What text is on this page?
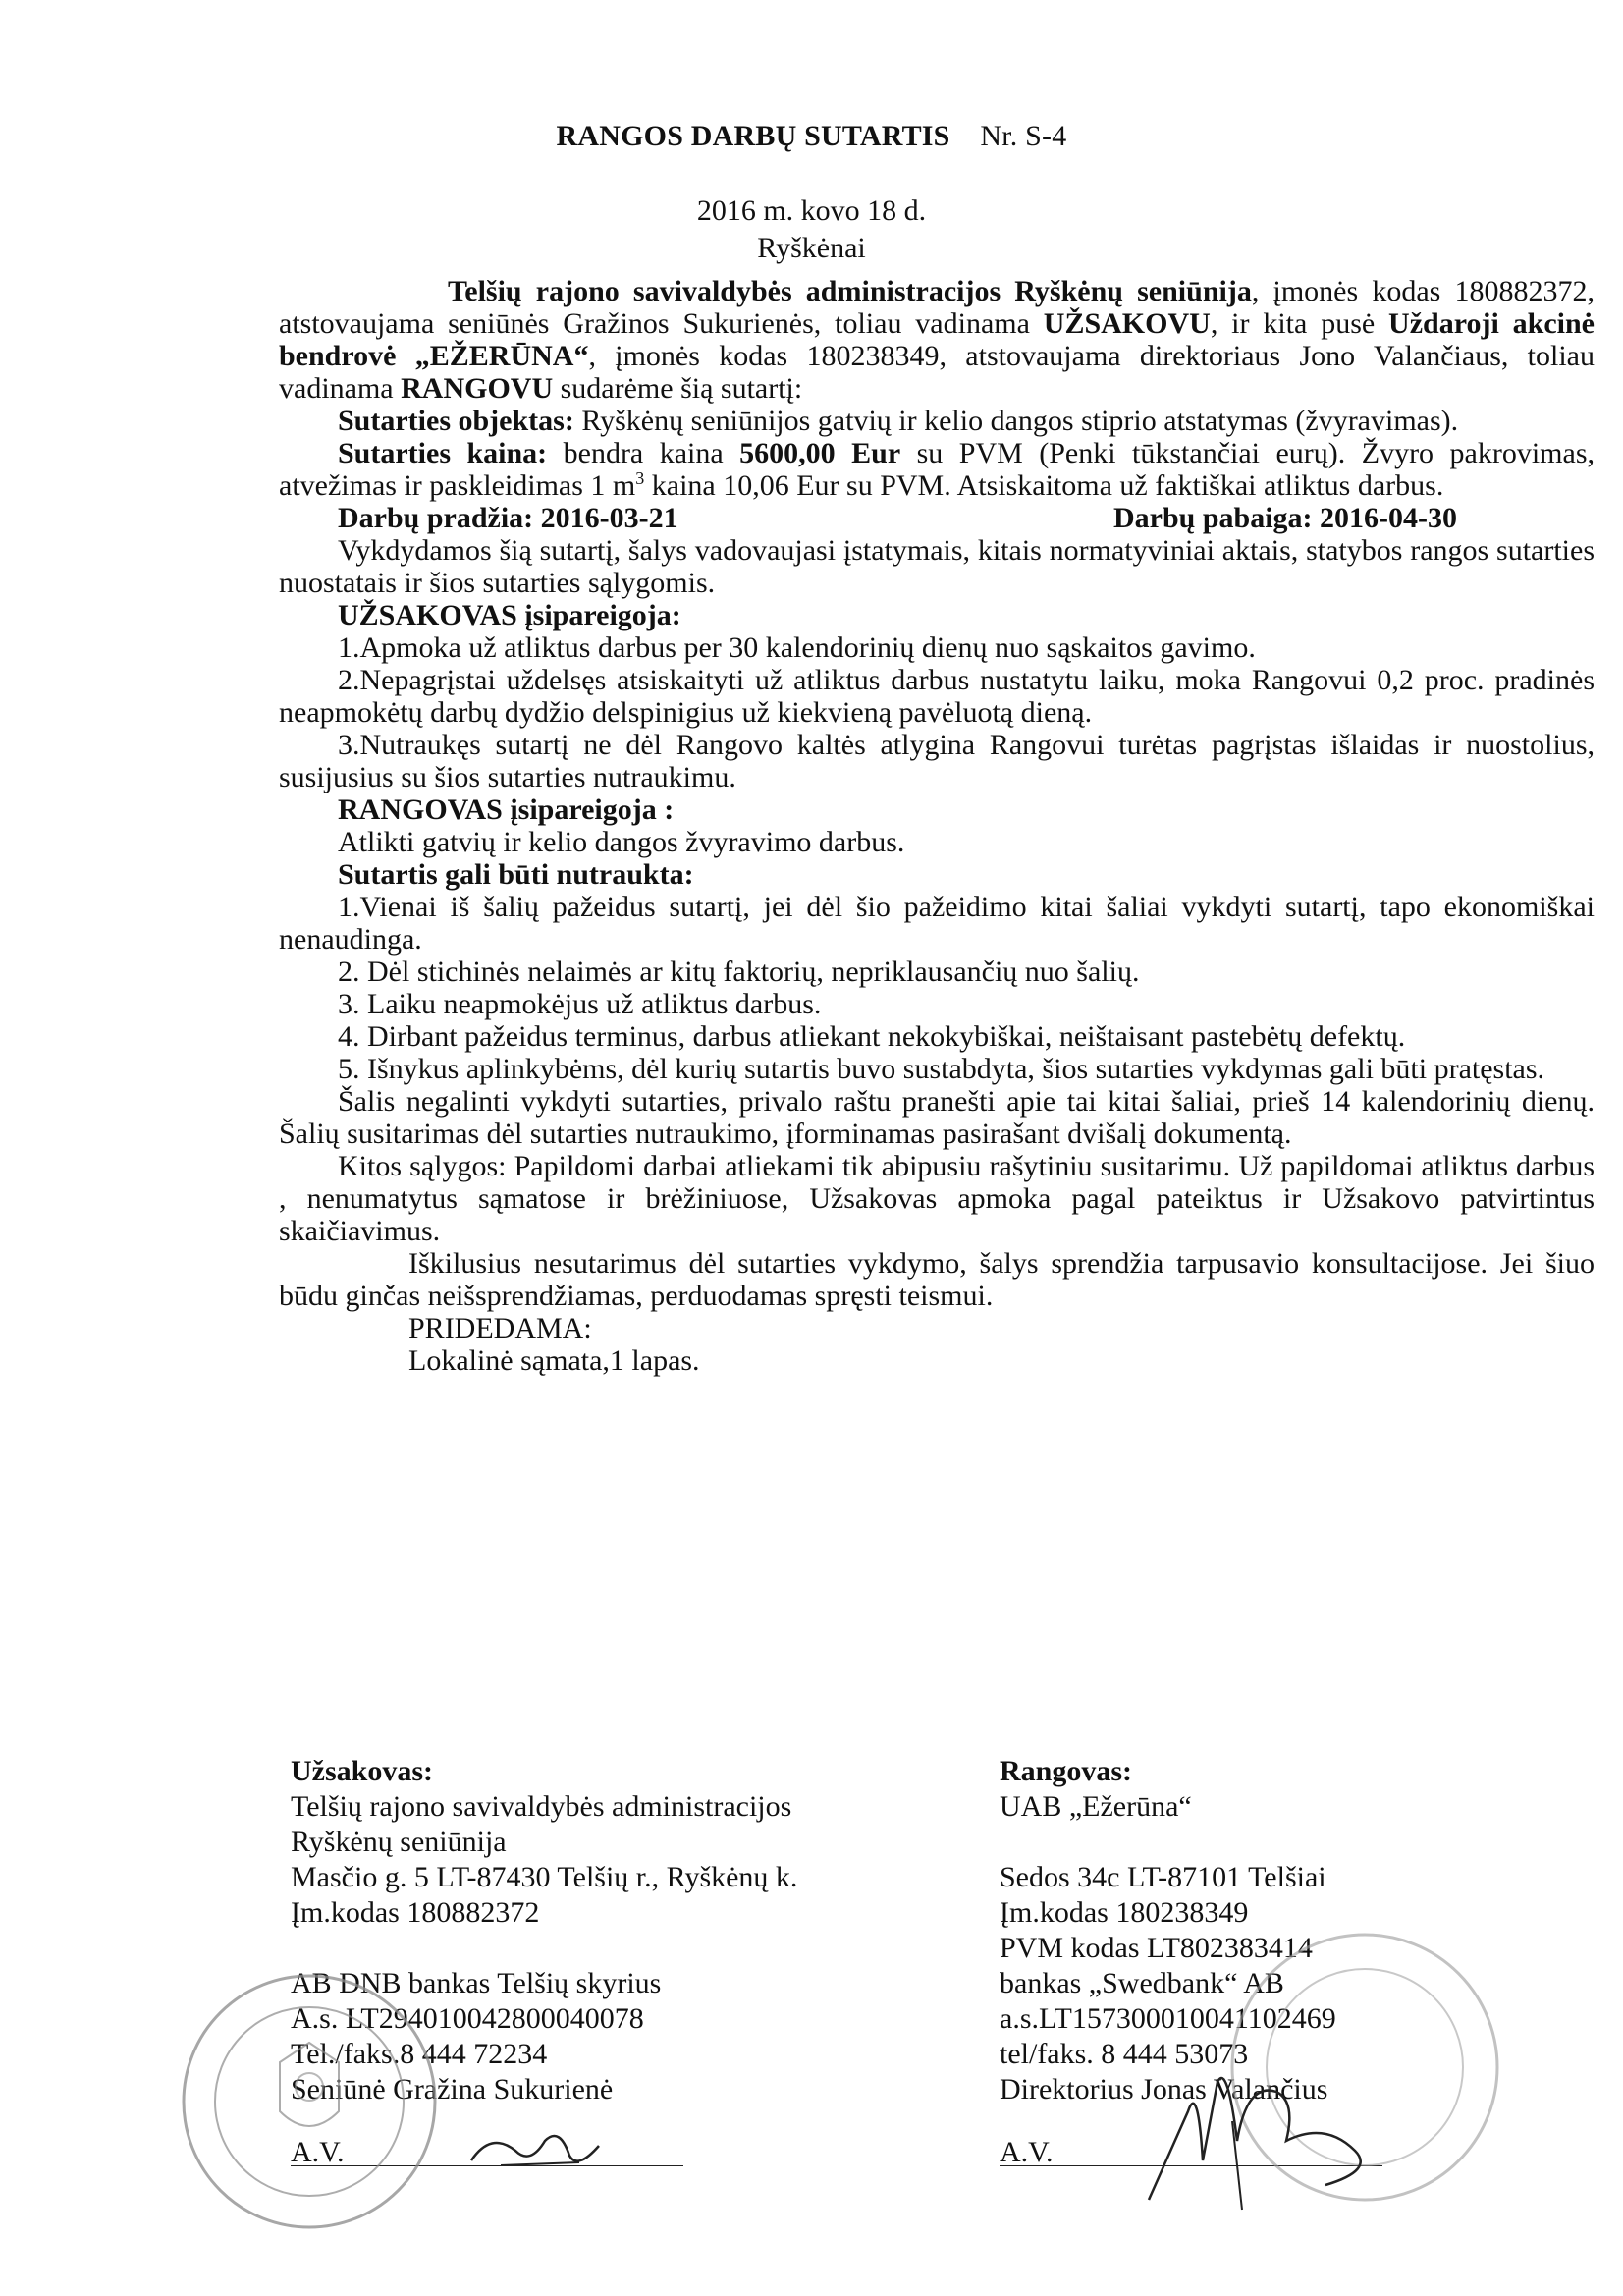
RANGOS DARBŲ SUTARTIS Nr. S-4
2016 m. kovo 18 d.
Ryškėnai

Telšių rajono savivaldybės administracijos Ryškėnų seniūnija, įmonės kodas 180882372, atstovaujama seniūnės Gražinos Sukurienės, toliau vadinama UŽSAKOVU, ir kita pusė Uždaroji akcinė bendrovė „EŽERŪNA“, įmonės kodas 180238349, atstovaujama direktoriaus Jono Valančiaus, toliau vadinama RANGOVU sudarėme šią sutartį:

Sutarties objektas: Ryškėnų seniūnijos gatvių ir kelio dangos stiprio atstatymas (žvyravimas).

Sutarties kaina: bendra kaina 5600,00 Eur su PVM (Penki tūkstančiai eurų). Žvyro pakrovimas, atvežimas ir paskleidimas 1 $m^3$ kaina 10,06 Eur su PVM. Atsiskaitoma už faktiškai atliktus darbus.

Darbų pradžia: 2016-03-21	Darbų pabaiga: 2016-04-30

Vykdydamos šią sutartį, šalys vadovaujasi įstatymais, kitais normatyviniai aktais, statybos rangos sutarties nuostatais ir šios sutarties sąlygomis.

UŽSAKOVAS įsipareigoja:

1.Apmoka už atliktus darbus per 30 kalendorinių dienų nuo sąskaitos gavimo.

2.Nepagrįstai uždelsęs atsiskaityti už atliktus darbus nustatytu laiku, moka Rangovui 0,2 proc. pradinės neapmokėtų darbų dydžio delspinigius už kiekvieną pavėluotą dieną.

3.Nutraukęs sutartį ne dėl Rangovo kaltės atlygina Rangovui turėtas pagrįstas išlaidas ir nuostolius, susijusius su šios sutarties nutraukimu.

RANGOVAS įsipareigoja :

Atlikti gatvių ir kelio dangos žvyravimo darbus.

Sutartis gali būti nutraukta:

1.Vienai iš šalių pažeidus sutartį, jei dėl šio pažeidimo kitai šaliai vykdyti sutartį, tapo ekonomiškai nenaudinga.

2. Dėl stichinės nelaimės ar kitų faktorių, nepriklausančių nuo šalių.

3. Laiku neapmokėjus už atliktus darbus.

4. Dirbant pažeidus terminus, darbus atliekant nekokybiškai, neištaisant pastebėtų defektų.

5. Išnykus aplinkybėms, dėl kurių sutartis buvo sustabdyta, šios sutarties vykdymas gali būti pratęstas.

Šalis negalinti vykdyti sutarties, privalo raštu pranešti apie tai kitai šaliai, prieš 14 kalendorinių dienų. Šalių susitarimas dėl sutarties nutraukimo, įforminamas pasirašant dvišalį dokumentą.

Kitos sąlygos: Papildomi darbai atliekami tik abipusiu rašytiniu susitarimu. Už papildomai atliktus darbus , nenumatytus sąmatose ir brėžiniuose, Užsakovas apmoka pagal pateiktus ir Užsakovo patvirtintus skaičiavimus.

Iškilusius nesutarimus dėl sutarties vykdymo, šalys sprendžia tarpusavio konsultacijose. Jei šiuo būdu ginčas neišsprendžiamas, perduodamas spręsti teismui.

PRIDEDAMA:

Lokalinė sąmata,1 lapas.

Užsakovas:

Telšių rajono savivaldybės administracijos

Ryškėnų seniūnija

Masčio g. 5 LT-87430 Telšių r., Ryškėnų k.

Įm.kodas 180882372

AB DNB bankas Telšių skyrius

A.s. LT294010042800040078

Tel./faks.8 444 72234

Seniūnė Gražina Sukurienė

A.V.

Rangovas:

UAB „Ežerūna“

Sedos 34c LT-87101 Telšiai

Įm.kodas 180238349

PVM kodas LT802383414

bankas „Swedbank“ AB

a.s.LT157300010041102469

tel/faks. 8 444 53073

Direktorius Jonas Valančius

A.V.
